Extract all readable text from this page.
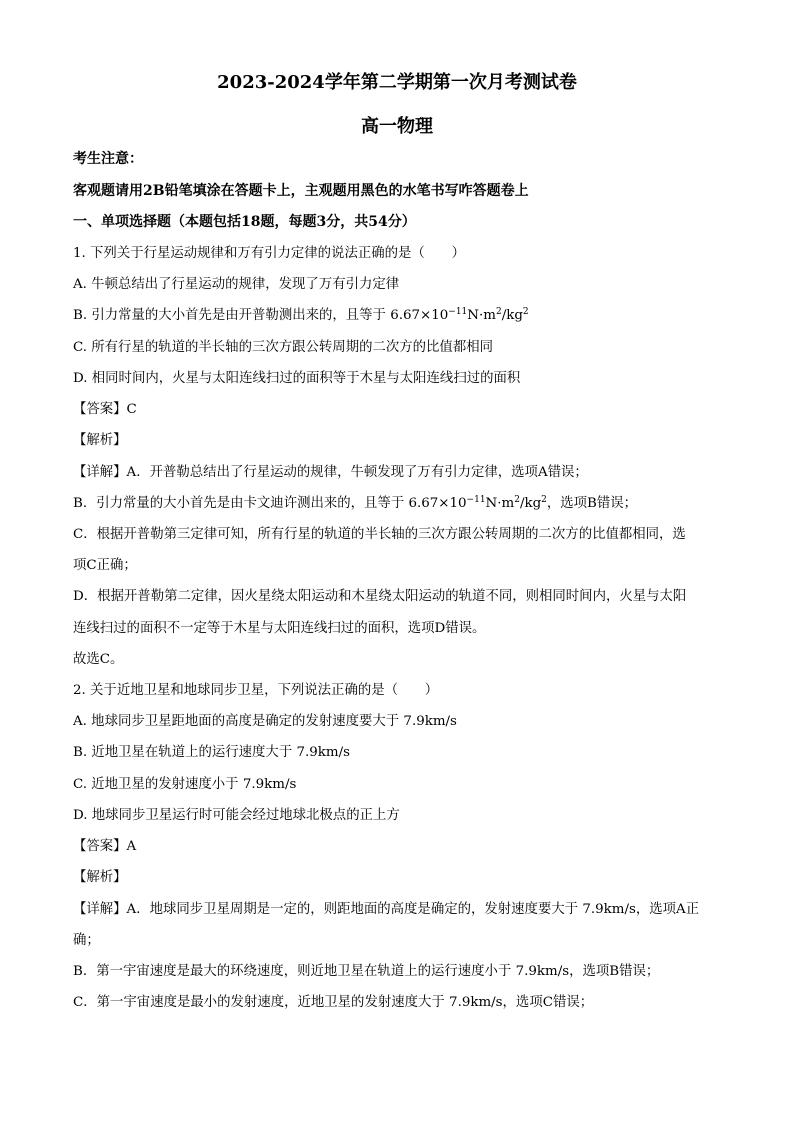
2023-2024学年第二学期第一次月考测试卷
高一物理
考生注意：
客观题请用2B铅笔填涂在答题卡上，主观题用黑色的水笔书写咋答题卷上
一、单项选择题（本题包括18题，每题3分，共54分）
1. 下列关于行星运动规律和万有引力定律的说法正确的是（　　）
A. 牛顿总结出了行星运动的规律，发现了万有引力定律
B. 引力常量的大小首先是由开普勒测出来的，且等于 $6.67\times 10^{-11}N\cdot m^2/kg^2$
C. 所有行星的轨道的半长轴的三次方跟公转周期的二次方的比值都相同
D. 相同时间内，火星与太阳连线扫过的面积等于木星与太阳连线扫过的面积
【答案】C
【解析】
【详解】A．开普勒总结出了行星运动的规律，牛顿发现了万有引力定律，选项A错误；
B．引力常量的大小首先是由卡文迪许测出来的，且等于 $6.67\times 10^{-11}N\cdot m^2/kg^2$，选项B错误；
C．根据开普勒第三定律可知，所有行星的轨道的半长轴的三次方跟公转周期的二次方的比值都相同，选
项C正确；
D．根据开普勒第二定律，因火星绕太阳运动和木星绕太阳运动的轨道不同，则相同时间内，火星与太阳
连线扫过的面积不一定等于木星与太阳连线扫过的面积，选项D错误。
故选C。
2. 关于近地卫星和地球同步卫星，下列说法正确的是（　　）
A. 地球同步卫星距地面的高度是确定的发射速度要大于 7.9km/s
B. 近地卫星在轨道上的运行速度大于 7.9km/s
C. 近地卫星的发射速度小于 7.9km/s
D. 地球同步卫星运行时可能会经过地球北极点的正上方
【答案】A
【解析】
【详解】A．地球同步卫星周期是一定的，则距地面的高度是确定的，发射速度要大于 7.9km/s，选项A正
确；
B．第一宇宙速度是最大的环绕速度，则近地卫星在轨道上的运行速度小于 7.9km/s，选项B错误；
C．第一宇宙速度是最小的发射速度，近地卫星的发射速度大于 7.9km/s，选项C错误；
